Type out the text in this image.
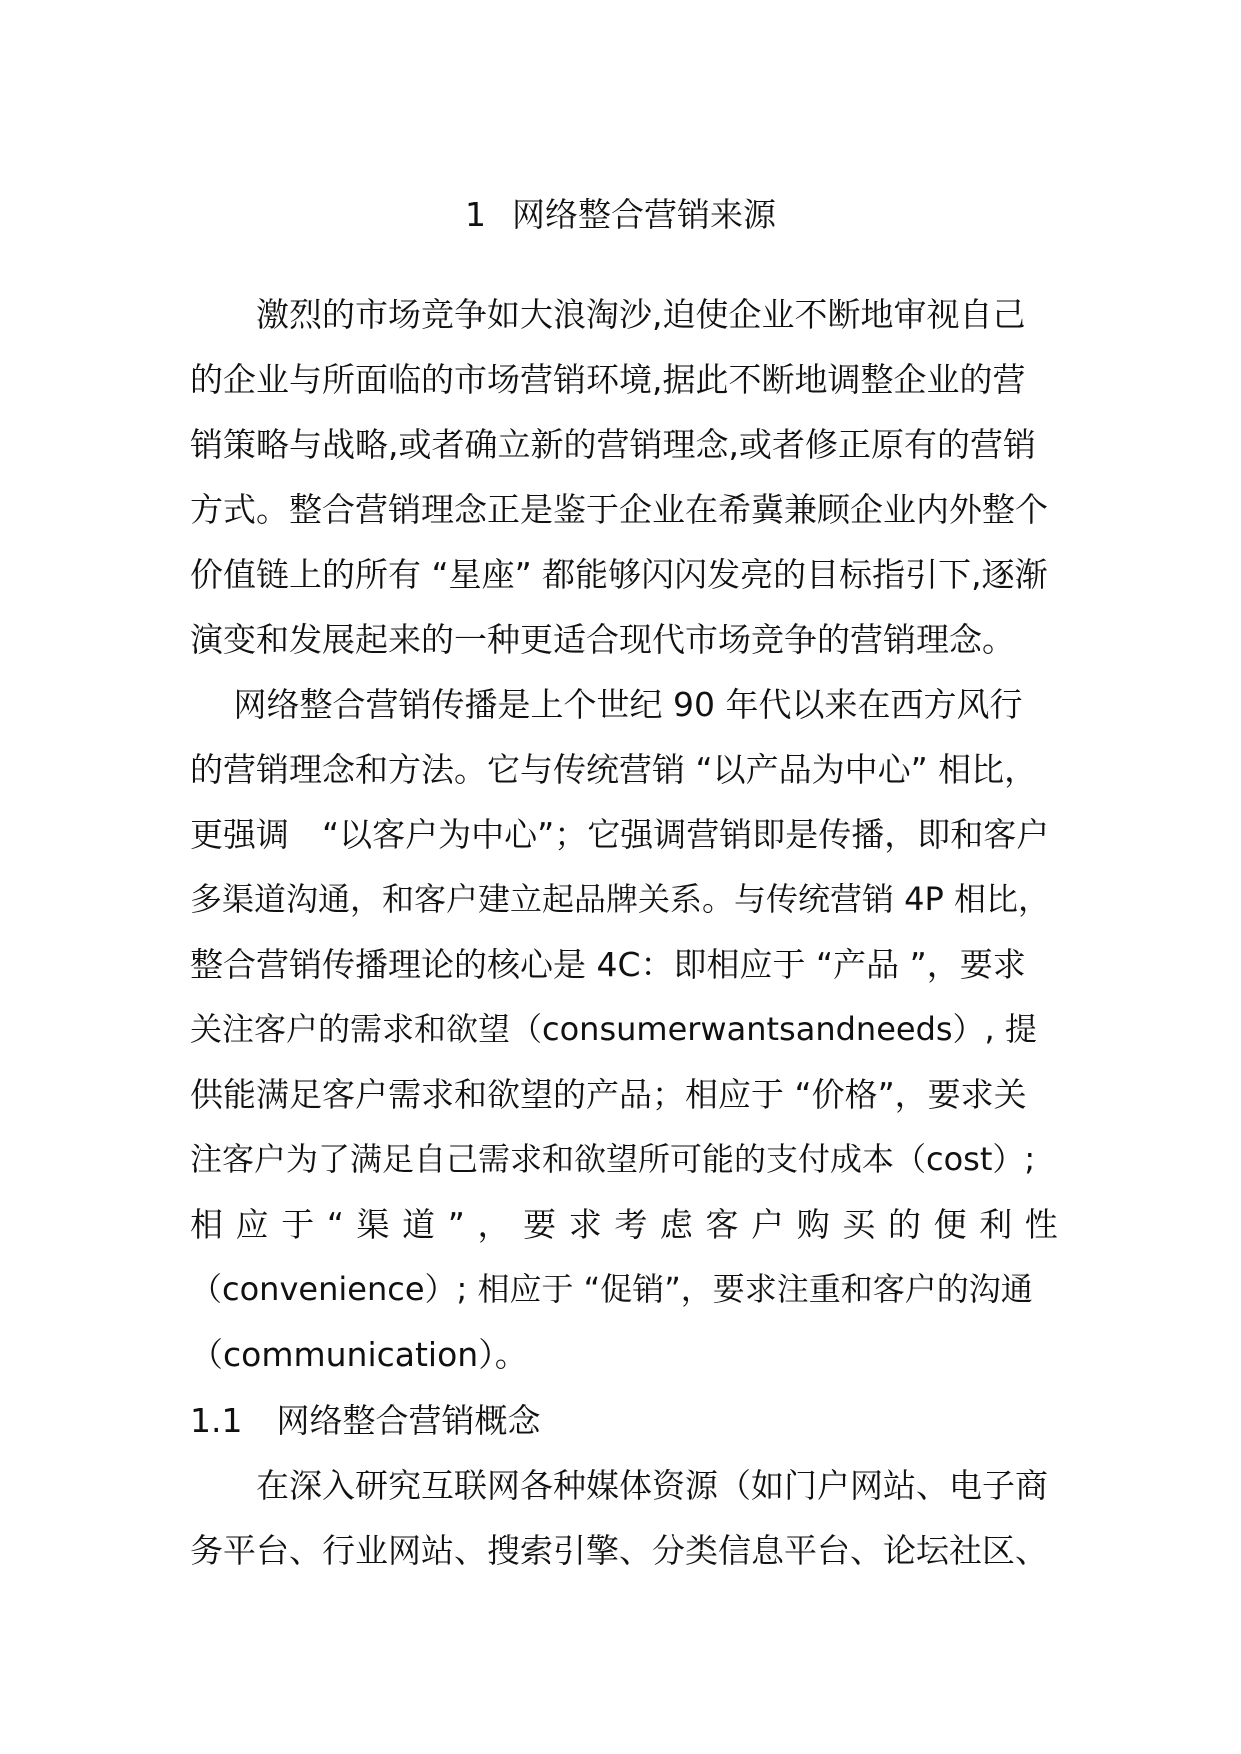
1 网络整合营销来源
　　激烈的市场竞争如大浪淘沙,迫使企业不断地审视自己
的企业与所面临的市场营销环境,据此不断地调整企业的营
销策略与战略,或者确立新的营销理念,或者修正原有的营销
方式。整合营销理念正是鉴于企业在希冀兼顾企业内外整个
价值链上的所有 “星座” 都能够闪闪发亮的目标指引下,逐渐
演变和发展起来的一种更适合现代市场竞争的营销理念。
　 网络整合营销传播是上个世纪 90 年代以来在西方风行
的营销理念和方法。它与传统营销 “以产品为中心” 相比，
更强调　“以客户为中心”；它强调营销即是传播，即和客户
多渠道沟通，和客户建立起品牌关系。与传统营销 4P 相比，
整合营销传播理论的核心是 4C：即相应于 “产品 ”，要求
关注客户的需求和欲望（consumerwantsandneeds）, 提
供能满足客户需求和欲望的产品；相应于 “价格”，要求关
注客户为了满足自己需求和欲望所可能的支付成本（cost）;
相 应 于 “ 渠 道 ” ， 要 求 考 虑 客 户 购 买 的 便 利 性
（convenience）; 相应于 “促销”，要求注重和客户的沟通
（communication）。
1.1 网络整合营销概念
　　在深入研究互联网各种媒体资源（如门户网站、电子商
务平台、行业网站、搜索引擎、分类信息平台、论坛社区、
